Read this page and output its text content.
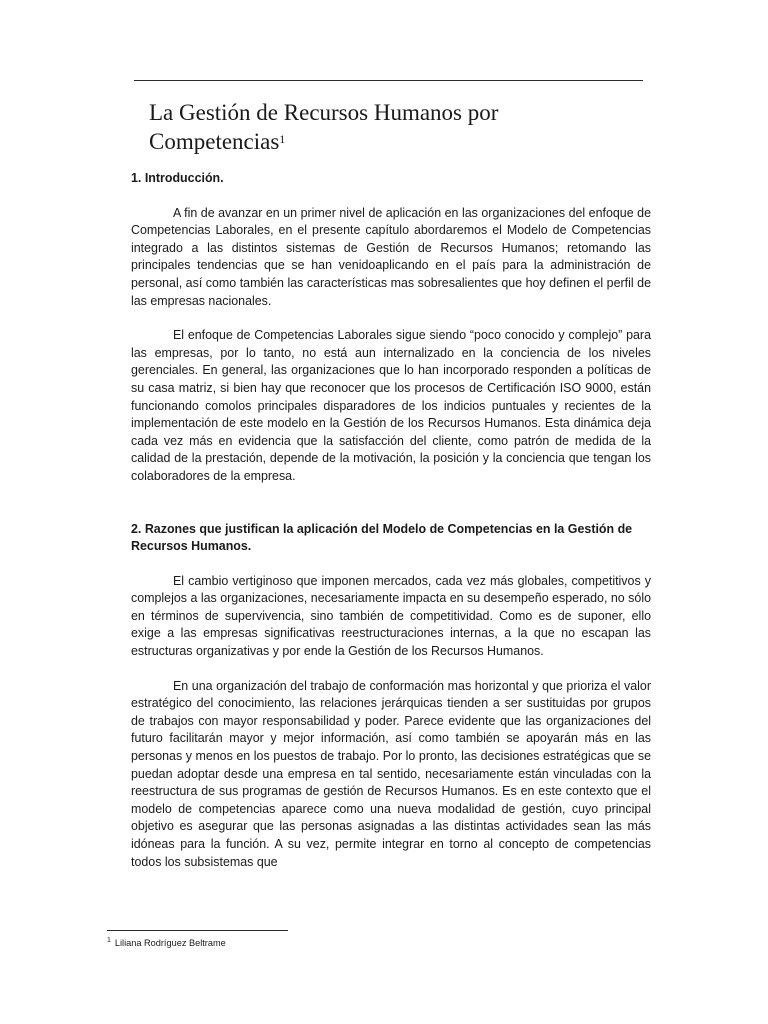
La Gestión de Recursos Humanos por Competencias$^1$
1. Introducción.

A fin de avanzar en un primer nivel de aplicación en las organizaciones del enfoque de Competencias Laborales, en el presente capítulo abordaremos el Modelo de Competencias integrado a las distintos sistemas de Gestión de Recursos Humanos; retomando las principales tendencias que se han venidoaplicando en el país para la administración de personal, así como también las características mas sobresalientes que hoy definen el perfil de las empresas nacionales.

El enfoque de Competencias Laborales sigue siendo “poco conocido y complejo” para las empresas, por lo tanto, no está aun internalizado en la conciencia de los niveles gerenciales. En general, las organizaciones que lo han incorporado responden a políticas de su casa matriz, si bien hay que reconocer que los procesos de Certificación ISO 9000, están funcionando comolos principales disparadores de los indicios puntuales y recientes de la implementación de este modelo en la Gestión de los Recursos Humanos. Esta dinámica deja cada vez más en evidencia que la satisfacción del cliente, como patrón de medida de la calidad de la prestación, depende de la motivación, la posición y la conciencia que tengan los colaboradores de la empresa.

2. Razones que justifican la aplicación del Modelo de Competencias en la Gestión de Recursos Humanos.

El cambio vertiginoso que imponen mercados, cada vez más globales, competitivos y complejos a las organizaciones, necesariamente impacta en su desempeño esperado, no sólo en términos de supervivencia, sino también de competitividad. Como es de suponer, ello exige a las empresas significativas reestructuraciones internas, a la que no escapan las estructuras organizativas y por ende la Gestión de los Recursos Humanos.

En una organización del trabajo de conformación mas horizontal y que prioriza el valor estratégico del conocimiento, las relaciones jerárquicas tienden a ser sustituidas por grupos de trabajos con mayor responsabilidad y poder. Parece evidente que las organizaciones del futuro facilitarán mayor y mejor información, así como también se apoyarán más en las personas y menos en los puestos de trabajo. Por lo pronto, las decisiones estratégicas que se puedan adoptar desde una empresa en tal sentido, necesariamente están vinculadas con la reestructura de sus programas de gestión de Recursos Humanos. Es en este contexto que el modelo de competencias aparece como una nueva modalidad de gestión, cuyo principal objetivo es asegurar que las personas asignadas a las distintas actividades sean las más idóneas para la función. A su vez, permite integrar en torno al concepto de competencias todos los subsistemas que

$^1$ Liliana Rodríguez Beltrame
